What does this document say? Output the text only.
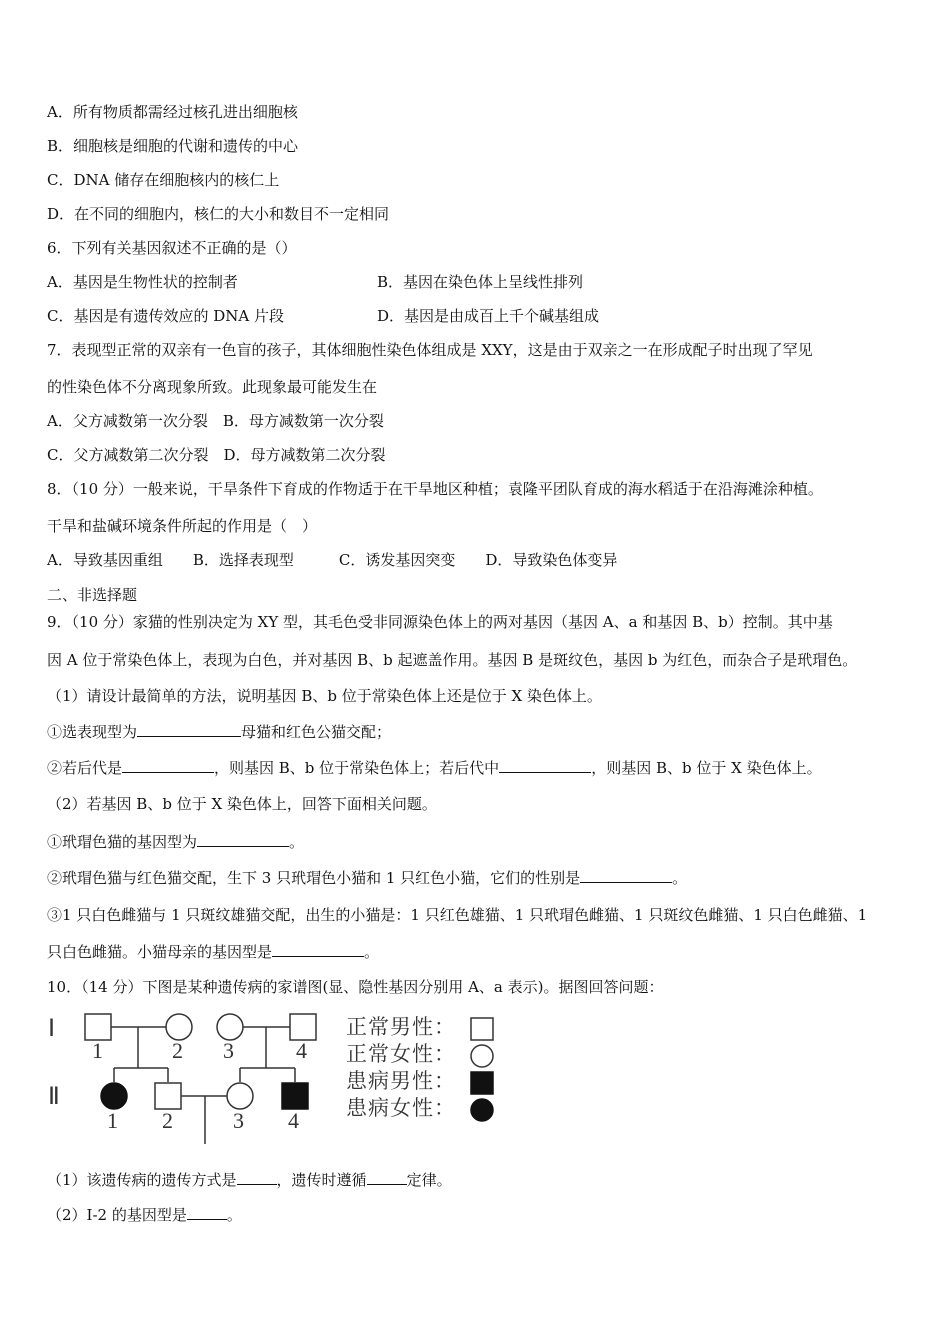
A．所有物质都需经过核孔进出细胞核
B．细胞核是细胞的代谢和遗传的中心
C．DNA 储存在细胞核内的核仁上
D．在不同的细胞内，核仁的大小和数目不一定相同
6．下列有关基因叙述不正确的是（）
A．基因是生物性状的控制者	B．基因在染色体上呈线性排列
C．基因是有遗传效应的 DNA 片段	D．基因是由成百上千个碱基组成
7．表现型正常的双亲有一色盲的孩子，其体细胞性染色体组成是 XXY，这是由于双亲之一在形成配子时出现了罕见
的性染色体不分离现象所致。此现象最可能发生在
A．父方减数第一次分裂　B．母方减数第一次分裂
C．父方减数第二次分裂　D．母方减数第二次分裂
8．（10 分）一般来说，干旱条件下育成的作物适于在干旱地区种植；袁隆平团队育成的海水稻适于在沿海滩涂种植。
干旱和盐碱环境条件所起的作用是（　）
A．导致基因重组　　B．选择表现型　　　C．诱发基因突变　　D．导致染色体变异
二、非选择题
9．（10 分）家猫的性别决定为 XY 型，其毛色受非同源染色体上的两对基因（基因 A、a 和基因 B、b）控制。其中基
因 A 位于常染色体上，表现为白色，并对基因 B、b 起遮盖作用。基因 B 是斑纹色，基因 b 为红色，而杂合子是玳瑁色。
（1）请设计最简单的方法，说明基因 B、b 位于常染色体上还是位于 X 染色体上。
①选表现型为	母猫和红色公猫交配；
②若后代是	，则基因 B、b 位于常染色体上；若后代中	，则基因 B、b 位于 X 染色体上。
（2）若基因 B、b 位于 X 染色体上，回答下面相关问题。
①玳瑁色猫的基因型为	。
②玳瑁色猫与红色猫交配，生下 3 只玳瑁色小猫和 1 只红色小猫，它们的性别是	。
③1 只白色雌猫与 1 只斑纹雄猫交配，出生的小猫是：1 只红色雄猫、1 只玳瑁色雌猫、1 只斑纹色雌猫、1 只白色雌猫、1
只白色雌猫。小猫母亲的基因型是	。
10．（14 分）下图是某种遗传病的家谱图(显、隐性基因分别用 A、a 表示)。据图回答问题：
Ⅰ
Ⅱ
1	2 3	4
1 2	3 4
正常男性：
正常女性：
患病男性：
患病女性：
（1）该遗传病的遗传方式是	，遗传时遵循	定律。
（2）Ⅰ-2 的基因型是	。
